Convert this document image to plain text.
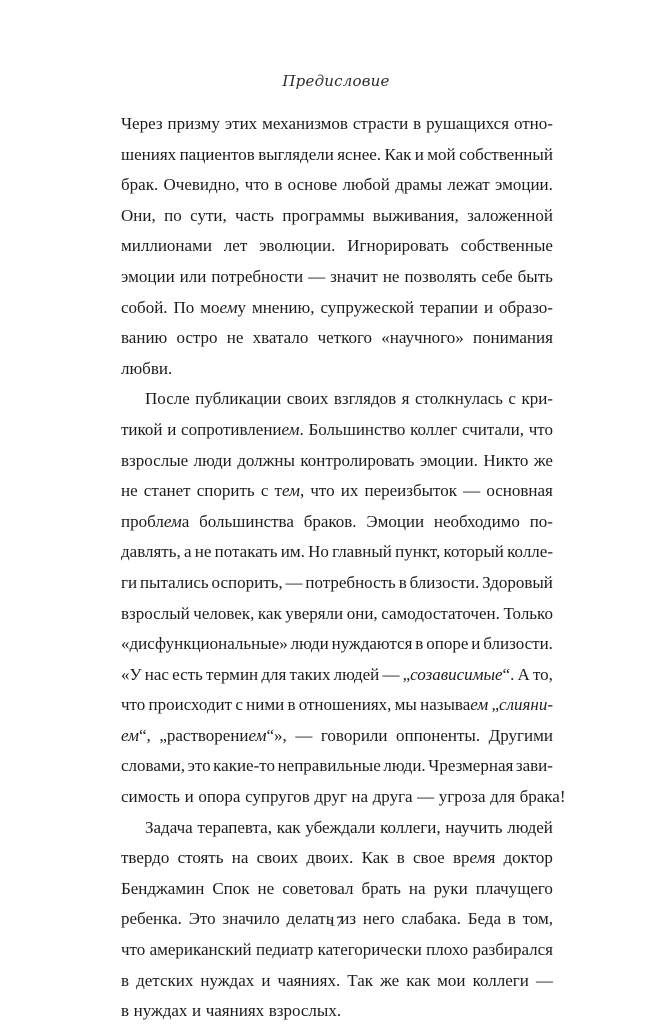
Предисловие
Через призму этих механизмов страсти в рушащихся отно-
шениях пациентов выглядели яснее. Как и мой собственный
брак. Очевидно, что в основе любой драмы лежат эмоции.
Они, по сути, часть программы выживания, заложенной
миллионами лет эволюции. Игнорировать собственные
эмоции или потребности — значит не позволять себе быть
собой. По моему мнению, супружеской терапии и образо-
ванию остро не хватало четкого «научного» понимания
любви.
После публикации своих взглядов я столкнулась с кри-
тикой и сопротивлением. Большинство коллег считали, что
взрослые люди должны контролировать эмоции. Никто же
не станет спорить с тем, что их переизбыток — основная
проблема большинства браков. Эмоции необходимо по-
давлять, а не потакать им. Но главный пункт, который колле-
ги пытались оспорить, — потребность в близости. Здоровый
взрослый человек, как уверяли они, самодостаточен. Только
«дисфункциональные» люди нуждаются в опоре и близости.
«У нас есть термин для таких людей — „созависимые“. А то,
что происходит с ними в отношениях, мы называем „слияни-
ем“, „растворением“», — говорили оппоненты. Другими
словами, это какие-то неправильные люди. Чрезмерная зави-
симость и опора супругов друг на друга — угроза для брака!
Задача терапевта, как убеждали коллеги, научить людей
твердо стоять на своих двоих. Как в свое время доктор
Бенджамин Спок не советовал брать на руки плачущего
ребенка. Это значило делать из него слабака. Беда в том,
что американский педиатр категорически плохо разбирался
в детских нуждах и чаяниях. Так же как мои коллеги —
в нуждах и чаяниях взрослых.
17
